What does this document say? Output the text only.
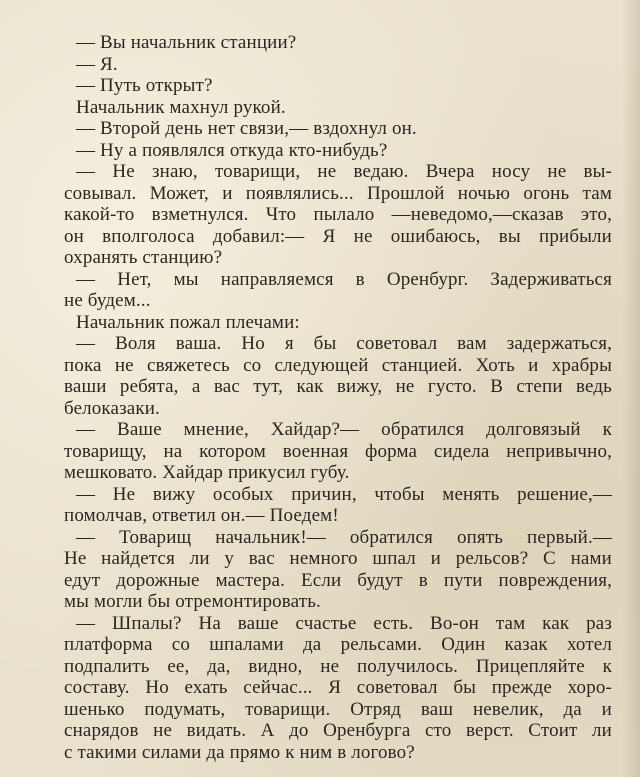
— Вы начальник станции?
— Я.
— Путь открыт?
Начальник махнул рукой.
— Второй день нет связи,— вздохнул он.
— Ну а появлялся откуда кто-нибудь?
— Не знаю, товарищи, не ведаю. Вчера носу не вы-
совывал. Может, и появлялись... Прошлой ночью огонь там
какой-то взметнулся. Что пылало —неведомо,—сказав это,
он вполголоса добавил:— Я не ошибаюсь, вы прибыли
охранять станцию?
— Нет, мы направляемся в Оренбург. Задерживаться
не будем...
Начальник пожал плечами:
— Воля ваша. Но я бы советовал вам задержаться,
пока не свяжетесь со следующей станцией. Хоть и храбры
ваши ребята, а вас тут, как вижу, не густо. В степи ведь
белоказаки.
— Ваше мнение, Хайдар?— обратился долговязый к
товарищу, на котором военная форма сидела непривычно,
мешковато. Хайдар прикусил губу.
— Не вижу особых причин, чтобы менять решение,—
помолчав, ответил он.— Поедем!
— Товарищ начальник!— обратился опять первый.—
Не найдется ли у вас немного шпал и рельсов? С нами
едут дорожные мастера. Если будут в пути повреждения,
мы могли бы отремонтировать.
— Шпалы? На ваше счастье есть. Во-он там как раз
платформа со шпалами да рельсами. Один казак хотел
подпалить ее, да, видно, не получилось. Прицепляйте к
составу. Но ехать сейчас... Я советовал бы прежде хоро-
шенько подумать, товарищи. Отряд ваш невелик, да и
снарядов не видать. А до Оренбурга сто верст. Стоит ли
с такими силами да прямо к ним в логово?
